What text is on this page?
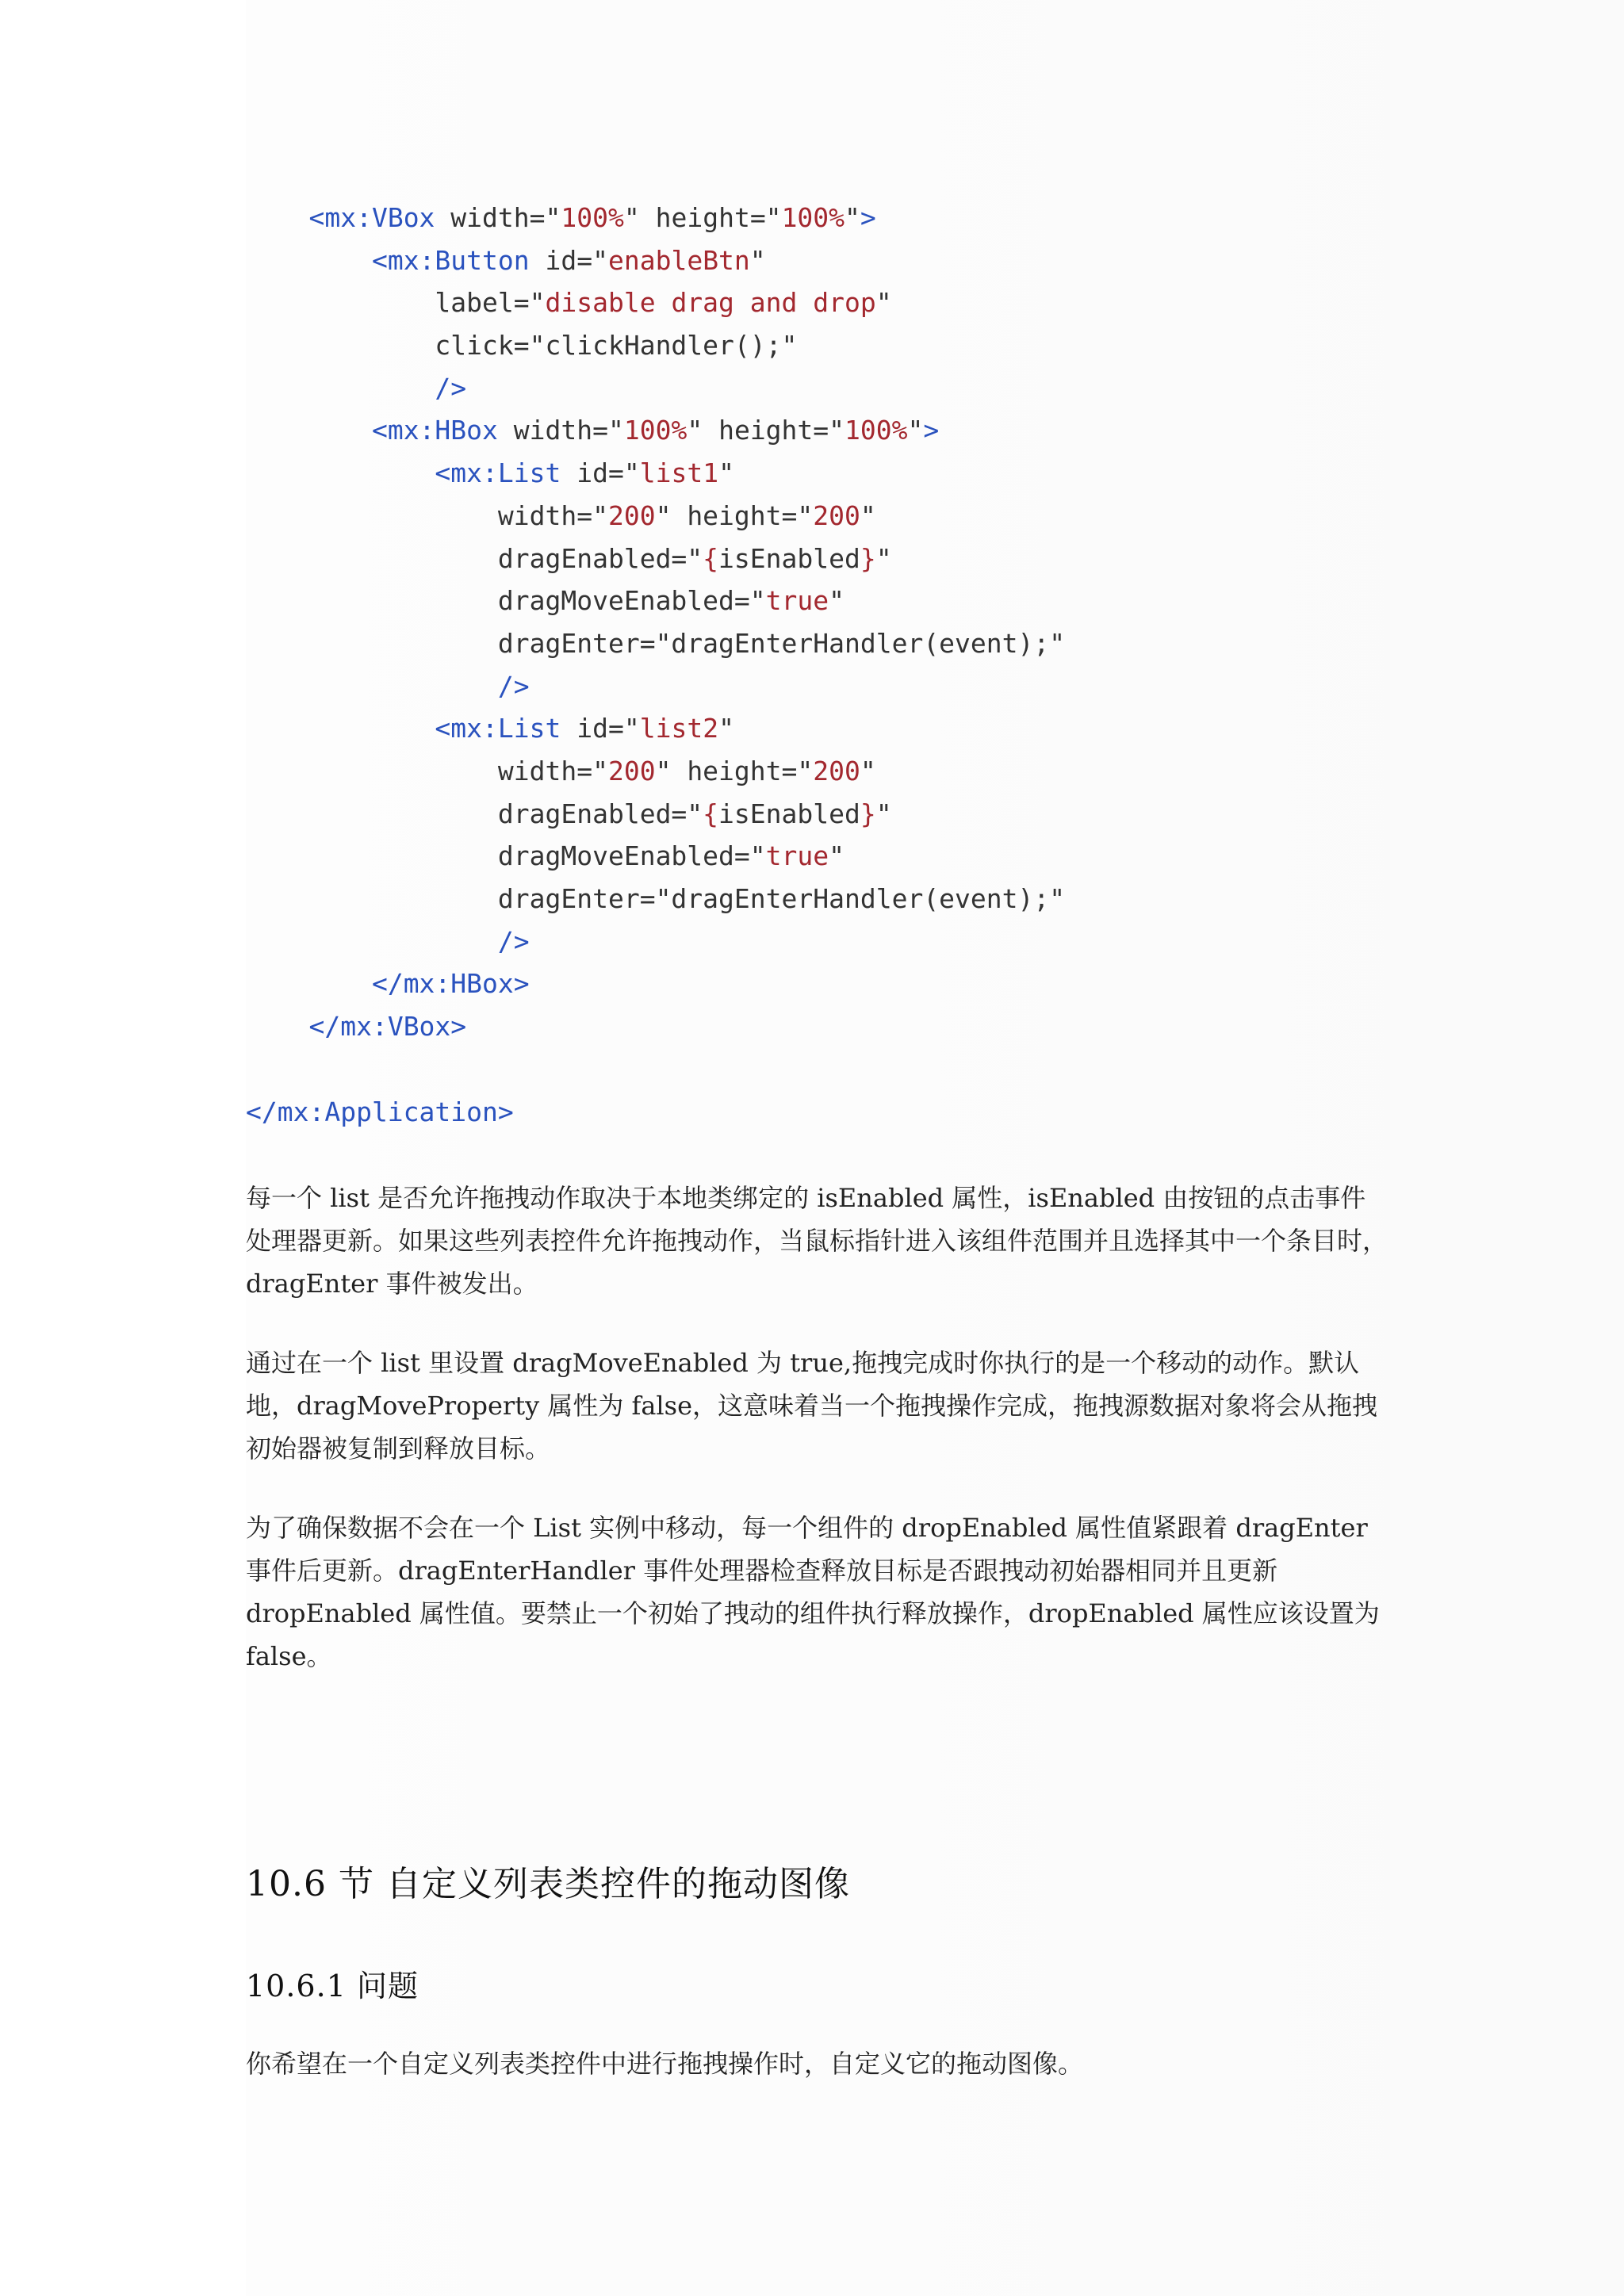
<mx:VBox width="100%" height="100%">
<mx:Button id="enableBtn"
label="disable drag and drop"
click="clickHandler();"
/>
<mx:HBox width="100%" height="100%">
<mx:List id="list1"
width="200" height="200"
dragEnabled="{isEnabled}"
dragMoveEnabled="true"
dragEnter="dragEnterHandler(event);"
/>
<mx:List id="list2"
width="200" height="200"
dragEnabled="{isEnabled}"
dragMoveEnabled="true"
dragEnter="dragEnterHandler(event);"
/>
</mx:HBox>
</mx:VBox>
</mx:Application>

每一个 list 是否允许拖拽动作取决于本地类绑定的 isEnabled 属性，isEnabled 由按钮的点击事件处理器更新。如果这些列表控件允许拖拽动作，当鼠标指针进入该组件范围并且选择其中一个条目时，dragEnter 事件被发出。

通过在一个 list 里设置 dragMoveEnabled 为 true,拖拽完成时你执行的是一个移动的动作。默认地，dragMoveProperty 属性为 false，这意味着当一个拖拽操作完成，拖拽源数据对象将会从拖拽初始器被复制到释放目标。

为了确保数据不会在一个 List 实例中移动，每一个组件的 dropEnabled 属性值紧跟着 dragEnter 事件后更新。dragEnterHandler 事件处理器检查释放目标是否跟拽动初始器相同并且更新 dropEnabled 属性值。要禁止一个初始了拽动的组件执行释放操作，dropEnabled 属性应该设置为 false。

10.6 节 自定义列表类控件的拖动图像
10.6.1 问题

你希望在一个自定义列表类控件中进行拖拽操作时，自定义它的拖动图像。
